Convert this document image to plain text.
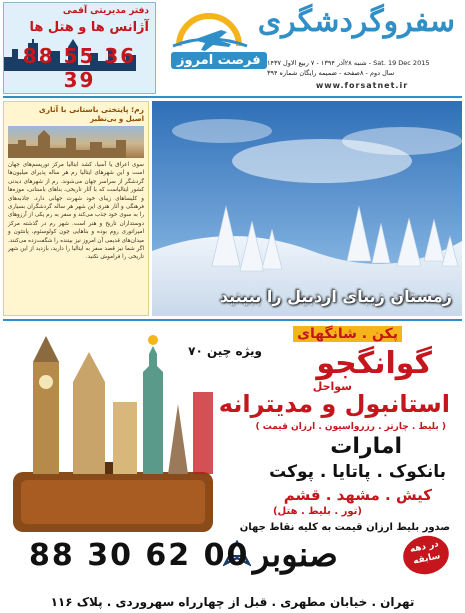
دفتر مدیریتی آقمی
آژانس ها و هتل ها
88 55 36 39
سفروگردشگری
فرصت امروز شنبه ۲۸آذر ۱۳۹۴ - ۷ ربیع الاول ۱۴۳۷ - Sat. 19 Dec 2015
سال دوم - ۸صفحه - ضمیمه رایگان شماره ۳۹۴
www.forsatnet.ir

رم؛ پایتختی باستانی با آثاری

اصیل و بی‌نظیر

سوی اعراق یا آسیا، کشد ایتالیا مرکز توریسم‌های جهان است و این شهرهای ایتالیا رم هر ساله پذیرای میلیون‌ها گردشگر از سراسر جهان می‌شوند. رم از شهرهای دیدنی کشور ایتالیاست که با آثار تاریخی، بناهای باستانی، موزه‌ها و کلیساهای زیبای خود شهرت جهانی دارد. جاذبه‌های فرهنگی و آثار هنری این شهر هر ساله گردشگران بسیاری را به سوی خود جذب می‌کند و سفر به رم یکی از آرزوهای دوستداران تاریخ و هنر است. شهر رم در گذشته مرکز امپراتوری روم بوده و بناهایی چون کولوسئوم، پانتئون و میدان‌های قدیمی آن امروز نیز بیننده را شگفت‌زده می‌کنند. اگر شما نیز قصد سفر به ایتالیا را دارید، بازدید از این شهر تاریخی را فراموش نکنید.
زمستان زیبای اردبیل را ببینید
پکن . شانگهای
ویژه چین ۷۰ گوانگجو
سواحل
استانبول و مدیترانه
( بلیط . چارتر . رزرواسیون . ارزان قیمت )
امارات
بانکوک . پاتایا . پوکت
کیش . مشهد . قشم
(تور . بلیط . هتل)
صدور بلیط ارزان قیمت به کلیه نقاط جهان
88 30 62 00 صنوبر	در دهه سابقه
تهران . خیابان مطهری . قبل از چهارراه سهروردی . پلاک ۱۱۶
